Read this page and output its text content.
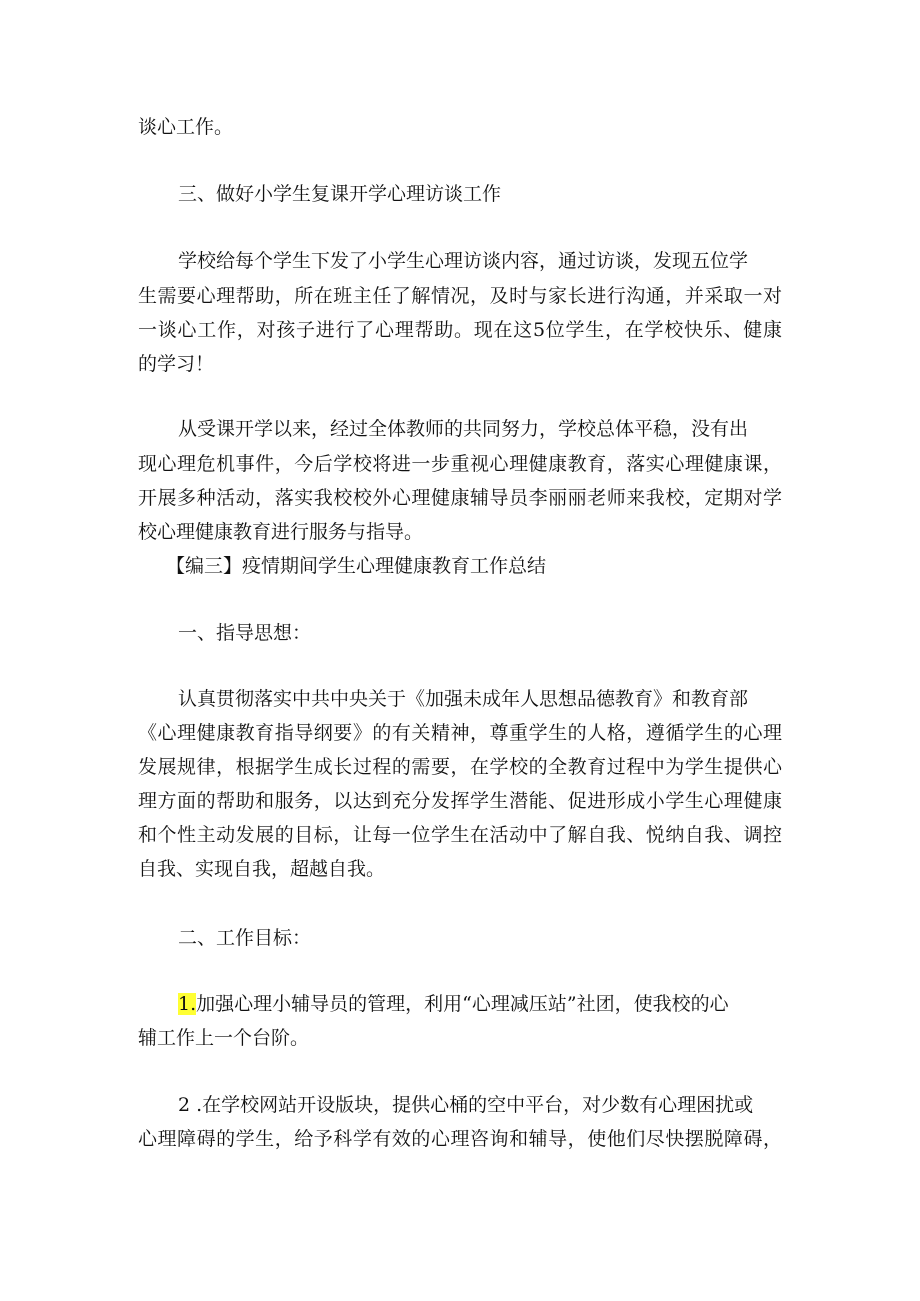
谈心工作。
三、做好小学生复课开学心理访谈工作
学校给每个学生下发了小学生心理访谈内容，通过访谈，发现五位学
生需要心理帮助，所在班主任了解情况，及时与家长进行沟通，并采取一对
一谈心工作，对孩子进行了心理帮助。现在这5位学生，在学校快乐、健康
的学习！
从受课开学以来，经过全体教师的共同努力，学校总体平稳，没有出
现心理危机事件，今后学校将进一步重视心理健康教育，落实心理健康课，
开展多种活动，落实我校校外心理健康辅导员李丽丽老师来我校，定期对学
校心理健康教育进行服务与指导。
【编三】疫情期间学生心理健康教育工作总结
一、指导思想：
认真贯彻落实中共中央关于《加强未成年人思想品德教育》和教育部
《心理健康教育指导纲要》的有关精神，尊重学生的人格，遵循学生的心理
发展规律，根据学生成长过程的需要，在学校的全教育过程中为学生提供心
理方面的帮助和服务，以达到充分发挥学生潜能、促进形成小学生心理健康
和个性主动发展的目标，让每一位学生在活动中了解自我、悦纳自我、调控
自我、实现自我，超越自我。
二、工作目标：
1.加强心理小辅导员的管理，利用“心理减压站”社团，使我校的心
辅工作上一个台阶。
2 .在学校网站开设版块，提供心桶的空中平台，对少数有心理困扰或
心理障碍的学生，给予科学有效的心理咨询和辅导，使他们尽快摆脱障碍，
